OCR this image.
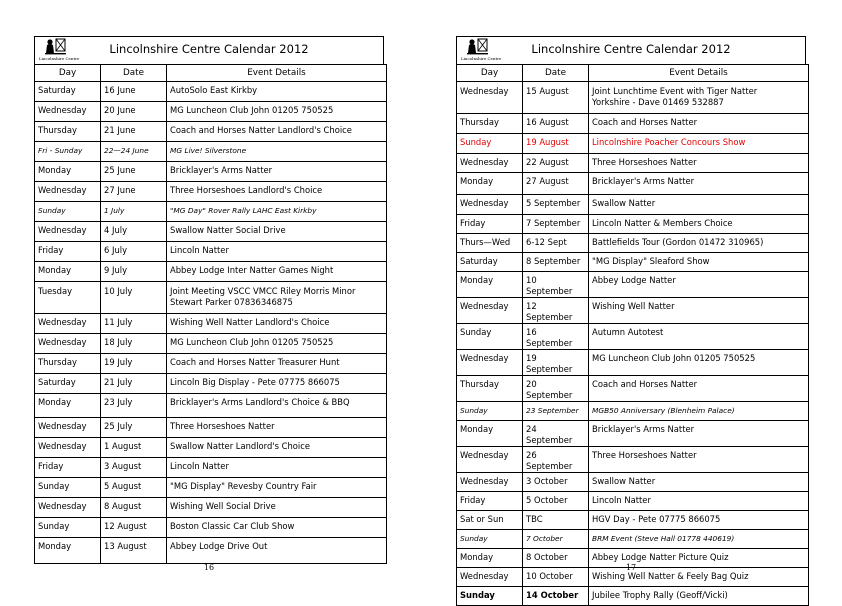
Lincolnshire Centre
Lincolnshire Centre Calendar 2012
Day	Date	Event Details
Saturday	16 June	AutoSolo East Kirkby
Wednesday	20 June	MG Luncheon Club John 01205 750525
Thursday	21 June	Coach and Horses Natter Landlord's Choice
Fri - Sunday	22—24 June	MG Live! Silverstone
Monday	25 June	Bricklayer's Arms Natter
Wednesday	27 June	Three Horseshoes Landlord's Choice
Sunday	1 July	"MG Day" Rover Rally LAHC East Kirkby
Wednesday	4 July	Swallow Natter Social Drive
Friday	6 July	Lincoln Natter
Monday	9 July	Abbey Lodge Inter Natter Games Night
Tuesday	10 July	Joint Meeting VSCC VMCC Riley Morris Minor
Stewart Parker 07836346875
Wednesday	11 July	Wishing Well Natter Landlord's Choice
Wednesday	18 July	MG Luncheon Club John 01205 750525
Thursday	19 July	Coach and Horses Natter Treasurer Hunt
Saturday	21 July	Lincoln Big Display - Pete 07775 866075
Monday	23 July	Bricklayer's Arms Landlord's Choice & BBQ
Wednesday	25 July	Three Horseshoes Natter
Wednesday	1 August	Swallow Natter Landlord's Choice
Friday	3 August	Lincoln Natter
Sunday	5 August	"MG Display" Revesby Country Fair
Wednesday	8 August	Wishing Well Social Drive
Sunday	12 August	Boston Classic Car Club Show
Monday	13 August	Abbey Lodge Drive Out
16
Lincolnshire Centre
Lincolnshire Centre Calendar 2012
Day	Date	Event Details
Wednesday	15 August	Joint Lunchtime Event with Tiger Natter
Yorkshire - Dave 01469 532887
Thursday	16 August	Coach and Horses Natter
Sunday	19 August	Lincolnshire Poacher Concours Show
Wednesday	22 August	Three Horseshoes Natter
Monday	27 August	Bricklayer's Arms Natter
Wednesday	5 September	Swallow Natter
Friday	7 September	Lincoln Natter & Members Choice
Thurs—Wed	6-12 Sept	Battlefields Tour (Gordon 01472 310965)
Saturday	8 September	"MG Display" Sleaford Show
Monday	10 September	Abbey Lodge Natter
Wednesday	12 September	Wishing Well Natter
Sunday	16 September	Autumn Autotest
Wednesday	19 September	MG Luncheon Club John 01205 750525
Thursday	20 September	Coach and Horses Natter
Sunday	23 September	MGB50 Anniversary (Blenheim Palace)
Monday	24 September	Bricklayer's Arms Natter
Wednesday	26 September	Three Horseshoes Natter
Wednesday	3 October	Swallow Natter
Friday	5 October	Lincoln Natter
Sat or Sun	TBC	HGV Day - Pete 07775 866075
Sunday	7 October	BRM Event (Steve Hall 01778 440619)
Monday	8 October	Abbey Lodge Natter Picture Quiz
Wednesday	10 October	Wishing Well Natter & Feely Bag Quiz
Sunday	14 October	Jubilee Trophy Rally (Geoff/Vicki)
17
